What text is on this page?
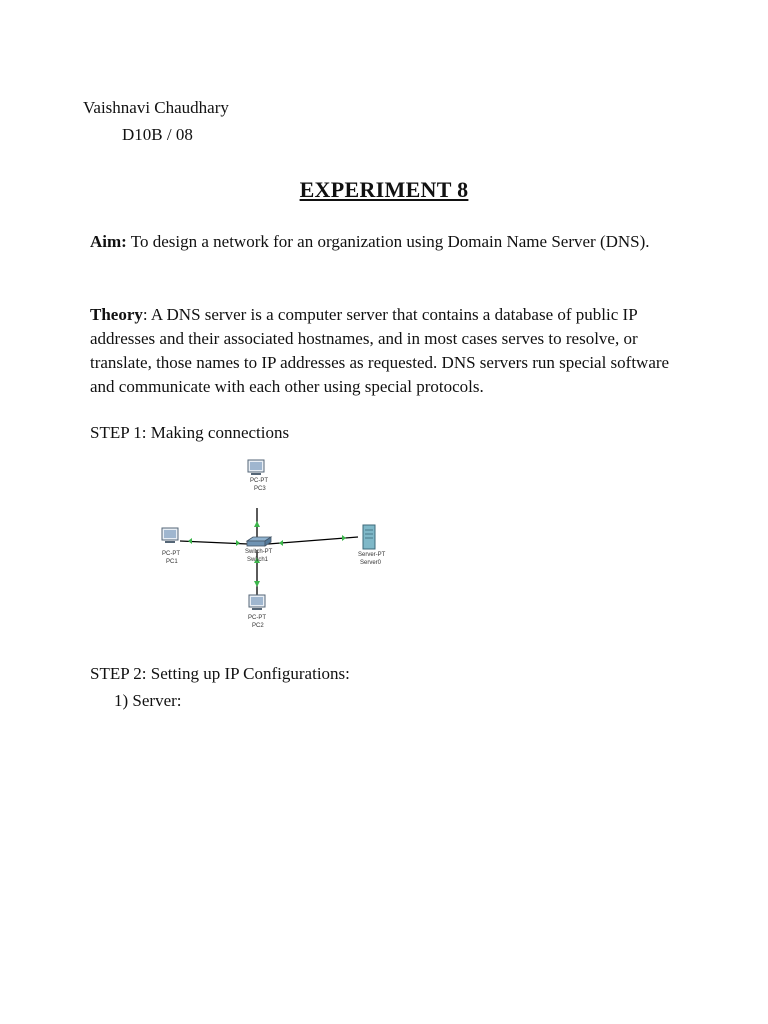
Vaishnavi Chaudhary
D10B / 08
EXPERIMENT 8
Aim: To design a network for an organization using Domain Name Server (DNS).
Theory: A DNS server is a computer server that contains a database of public IP addresses and their associated hostnames, and in most cases serves to resolve, or translate, those names to IP addresses as requested. DNS servers run special software and communicate with each other using special protocols.
STEP 1: Making connections
PC-PT
PC3
PC-PT
PC1
Switch-PT
Switch1
Server-PT
Server0
PC-PT
PC2
STEP 2: Setting up IP Configurations:
1) Server:
